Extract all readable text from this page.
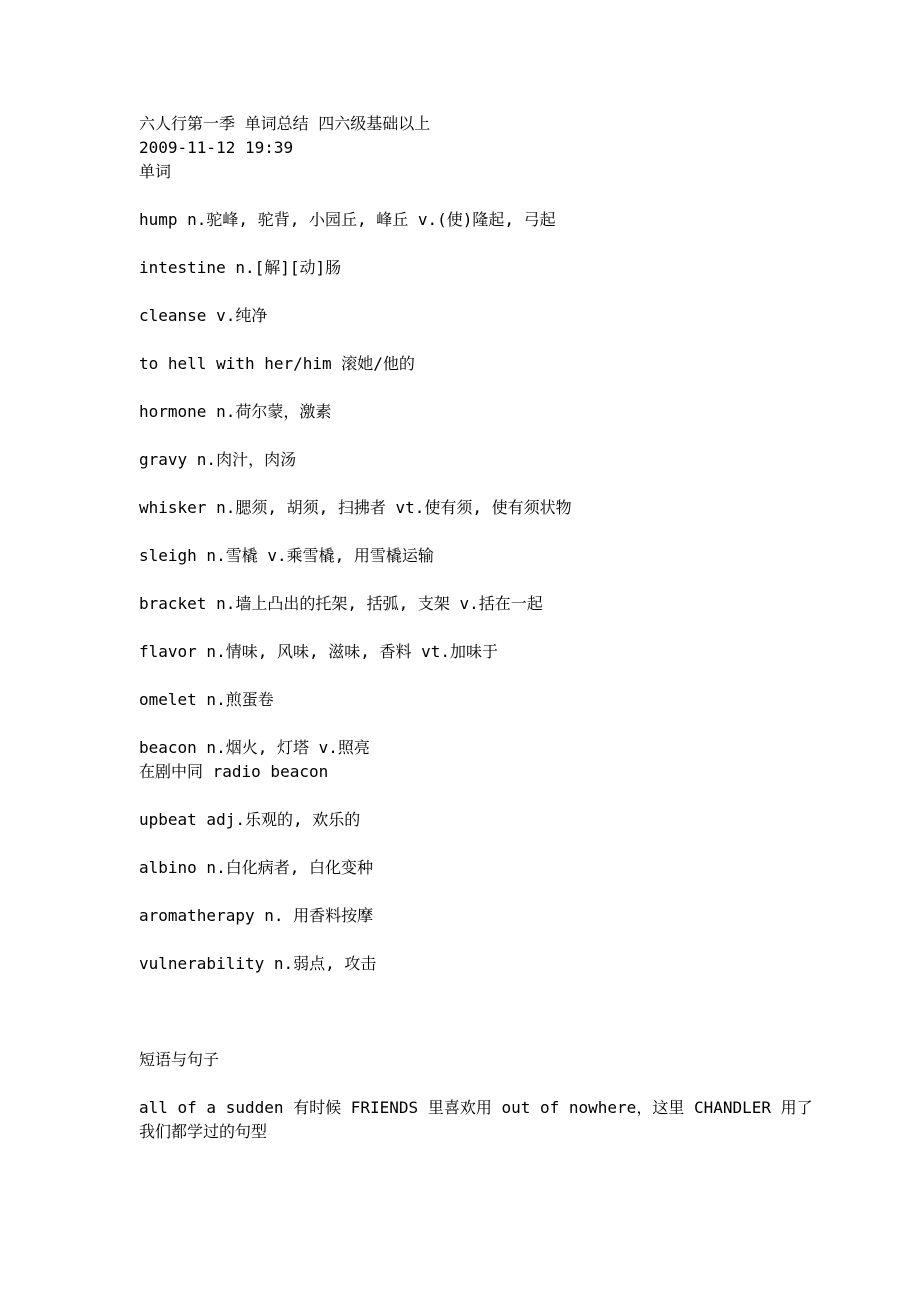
六人行第一季 单词总结 四六级基础以上
2009-11-12 19:39
单词
hump n.驼峰, 驼背, 小园丘, 峰丘 v.(使)隆起, 弓起
intestine n.[解][动]肠
cleanse v.纯净
to hell with her/him 滚她/他的
hormone n.荷尔蒙，激素
gravy n.肉汁，肉汤
whisker n.腮须, 胡须, 扫拂者 vt.使有须, 使有须状物
sleigh n.雪橇 v.乘雪橇, 用雪橇运输
bracket n.墙上凸出的托架, 括弧, 支架 v.括在一起
flavor n.情味, 风味, 滋味, 香料 vt.加味于
omelet n.煎蛋卷
beacon n.烟火, 灯塔 v.照亮
在剧中同 radio beacon
upbeat adj.乐观的, 欢乐的
albino n.白化病者, 白化变种
aromatherapy n. 用香料按摩
vulnerability n.弱点, 攻击
短语与句子
all of a sudden 有时候 FRIENDS 里喜欢用 out of nowhere，这里 CHANDLER 用了我们都学过的句型
